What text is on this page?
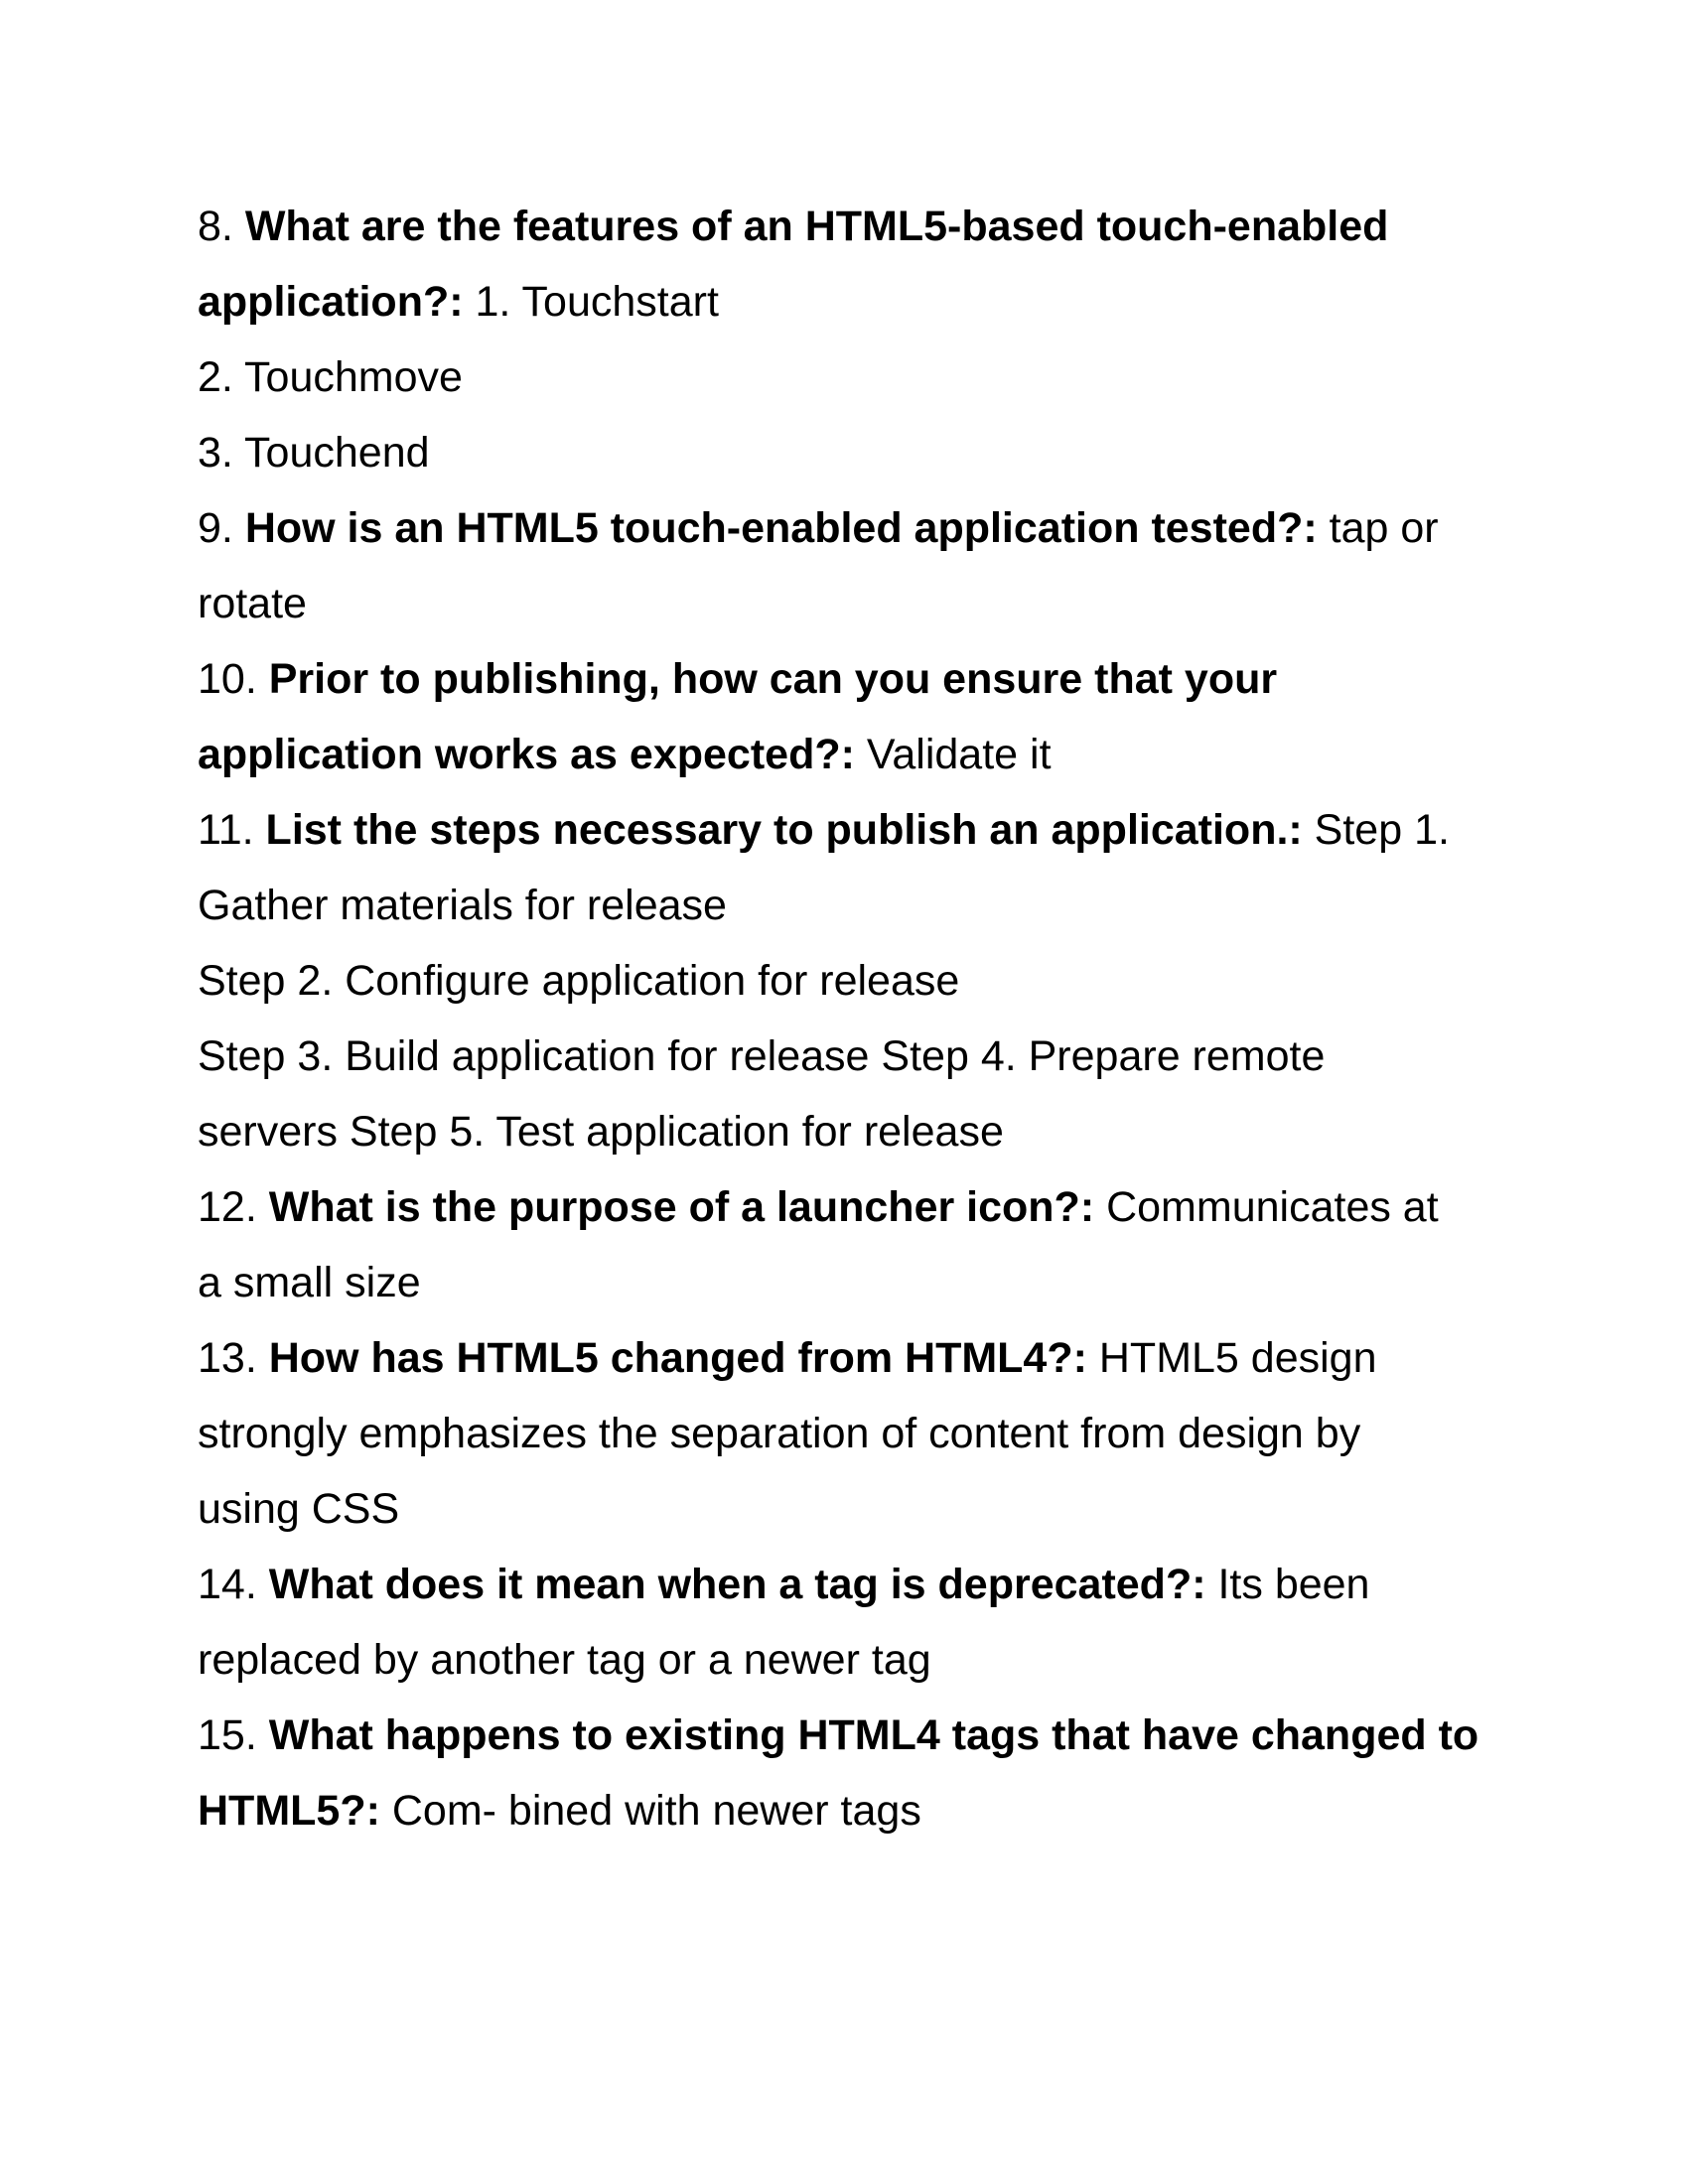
8. What are the features of an HTML5-based touch-enabled
application?: 1. Touchstart
2. Touchmove
3. Touchend
9. How is an HTML5 touch-enabled application tested?: tap or
rotate
10. Prior to publishing, how can you ensure that your
application works as expected?: Validate it
11. List the steps necessary to publish an application.: Step 1.
Gather materials for release
Step 2. Configure application for release
Step 3. Build application for release Step 4. Prepare remote
servers Step 5. Test application for release
12. What is the purpose of a launcher icon?: Communicates at
a small size
13. How has HTML5 changed from HTML4?: HTML5 design
strongly emphasizes the separation of content from design by
using CSS
14. What does it mean when a tag is deprecated?: Its been
replaced by another tag or a newer tag
15. What happens to existing HTML4 tags that have changed to
HTML5?: Com- bined with newer tags
